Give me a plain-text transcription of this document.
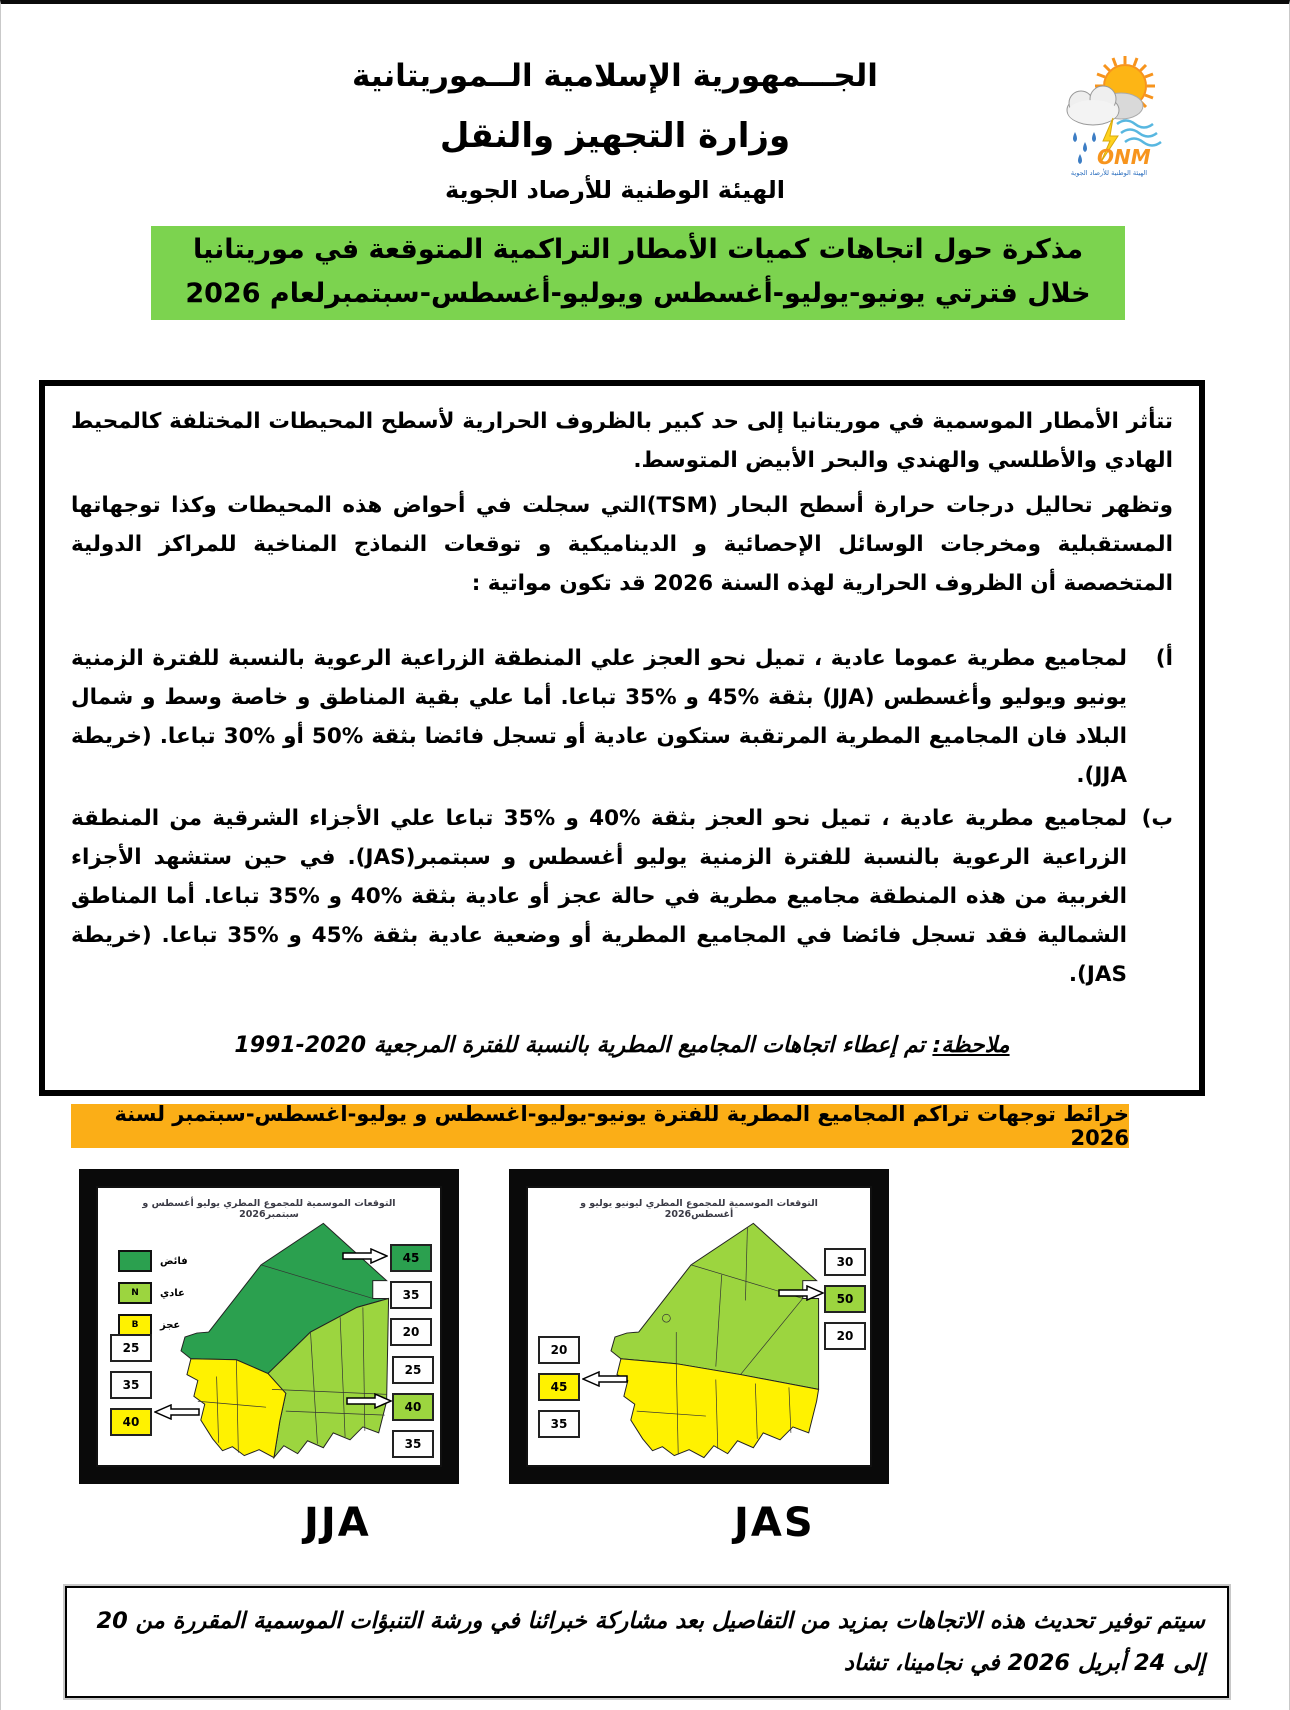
الجـــمهورية الإسلامية الــموريتانية
وزارة التجهيز والنقل
الهيئة الوطنية للأرصاد الجوية
ONM
الهيئة الوطنية للأرصاد الجوية
مذكرة حول اتجاهات كميات الأمطار التراكمية المتوقعة في موريتانيا
خلال فترتي يونيو-يوليو-أغسطس ويوليو-أغسطس-سبتمبرلعام 2026

تتأثر الأمطار الموسمية في موريتانيا إلى حد كبير بالظروف الحرارية لأسطح المحيطات المختلفة كالمحيط الهادي والأطلسي والهندي والبحر الأبيض المتوسط.

وتظهر تحاليل درجات حرارة أسطح البحار (TSM)التي سجلت في أحواض هذه المحيطات وكذا توجهاتها المستقبلية ومخرجات الوسائل الإحصائية و الديناميكية و توقعات النماذج المناخية للمراكز الدولية المتخصصة أن الظروف الحرارية لهذه السنة 2026 قد تكون مواتية :

أ)
لمجاميع مطرية عموما عادية ، تميل نحو العجز علي المنطقة الزراعية الرعوية بالنسبة للفترة الزمنية يونيو ويوليو وأغسطس (JJA) بثقة %45 و %35 تباعا. أما علي بقية المناطق و خاصة وسط و شمال البلاد فان المجاميع المطرية المرتقبة ستكون عادية أو تسجل فائضا بثقة %50 أو %30 تباعا. (خريطة JJA).
ب)
لمجاميع مطرية عادية ، تميل نحو العجز بثقة %40 و %35 تباعا علي الأجزاء الشرقية من المنطقة الزراعية الرعوية بالنسبة للفترة الزمنية يوليو أغسطس و سبتمبر(JAS). في حين ستشهد الأجزاء الغربية من هذه المنطقة مجاميع مطرية في حالة عجز أو عادية بثقة %40 و %35 تباعا. أما المناطق الشمالية فقد تسجل فائضا في المجاميع المطرية أو وضعية عادية بثقة %45 و %35 تباعا. (خريطة JAS).
ملاحظة: تم إعطاء اتجاهات المجاميع المطرية بالنسبة للفترة المرجعية 2020-1991
خرائط توجهات تراكم المجاميع المطرية للفترة يونيو-يوليو-اغسطس و يوليو-اغسطس-سبتمبر لسنة 2026
التوقعات الموسمية للمجموع المطري يوليو أغسطس و سبتمبر2026
فائض
N	عادي
B	عجز
45
35
20
25
35
40
25
40
35
التوقعات الموسمية للمجموع المطري ليونيو يوليو و أغسطس2026
30
50
20
20
45
35
JJA	JAS
سيتم توفير تحديث هذه الاتجاهات بمزيد من التفاصيل بعد مشاركة خبرائنا في ورشة التنبؤات الموسمية المقررة من 20 إلى 24 أبريل 2026 في نجامينا، تشاد
